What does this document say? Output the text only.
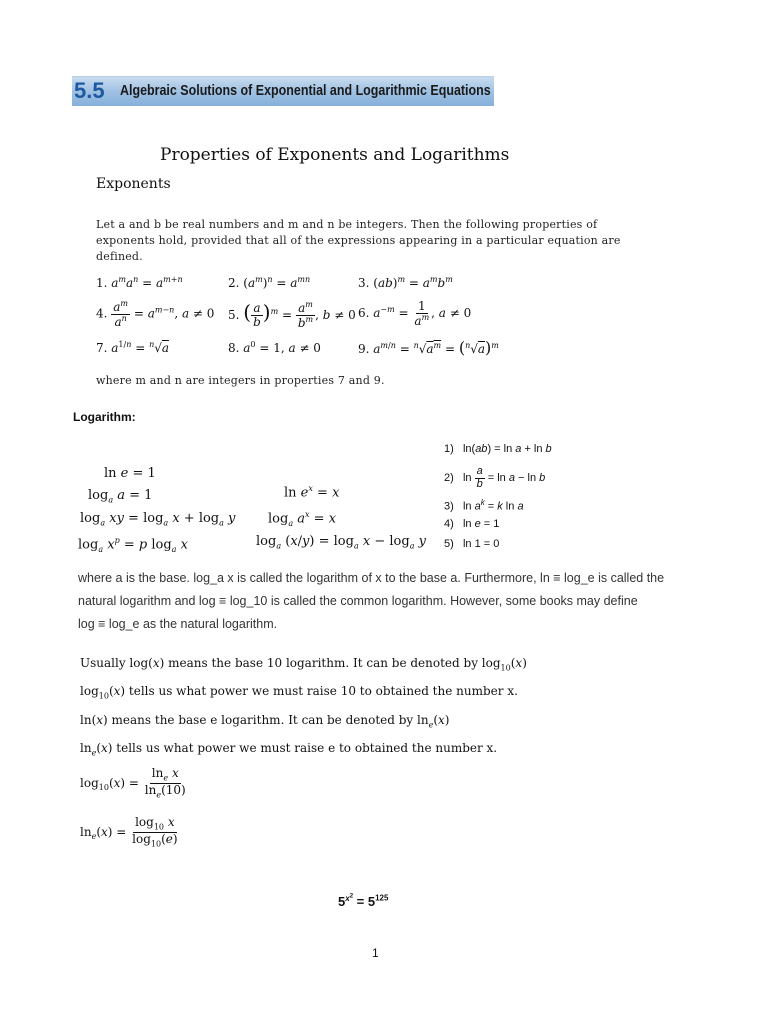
5.5 Algebraic Solutions of Exponential and Logarithmic Equations
Properties of Exponents and Logarithms
Exponents
Let a and b be real numbers and m and n be integers. Then the following properties of
exponents hold, provided that all of the expressions appearing in a particular equation are
defined.
1. $a^ma^n = a^{m+n}$	2. $(a^m)^n = a^{mn}$	3. $(ab)^m = a^mb^m$
4. $\frac{a^m}{a^n} = a^{m-n}$, a ≠ 0 5. ( $\frac{a}{b} )^m = \frac{a^m}{b^m}$ , b ≠ 0 6. $a^{-m} = \frac{1}{a^m}$ , a ≠ 0
7. $a^{1/n} = ^n√a$	8. $a^0 = 1$, a ≠ 0	9. $a^{m/n} = ^n√a^m = (^n√a)^m$
where m and n are integers in properties 7 and 9.
Logarithm:
1)   ln(ab) = ln a + ln b
2)   $\ln \frac{a}{b} = \ln a - \ln b$
3)   $\ln a^k = k$ ln a
4)   ln e = 1
5)   ln 1 = 0
ln e = 1
$\log_a a = 1$
$\log_a$ xy = $\log_a x + \log_a y$
$\log_a x^p = p$ $\log_a x$
$\ln e^x = x$
$\log_a a^x = x$
$\log_a (x/y) = \log_a x - \log_a y$
where a is the base. log_a x is called the logarithm of x to the base a. Furthermore, ln ≡ log_e is called the
natural logarithm and log ≡ log_10 is called the common logarithm. However, some books may define
log ≡ log_e as the natural logarithm.
Usually log(x) means the base 10 logarithm. It can be denoted by $\log_{10}(x)$
$\log_{10}(x)$ tells us what power we must raise 10 to obtained the number x.
ln(x) means the base e logarithm. It can be denoted by $\ln_e(x)$
$\ln_e(x)$ tells us what power we must raise e to obtained the number x.
$\log_{10}(x) = \frac{\ln_e x}{\ln_e(10)}$
$\ln_e(x) = \frac{\log_{10} x}{\log_{10}(e)}$
$5^{x^2} = 5^{125}$
1
